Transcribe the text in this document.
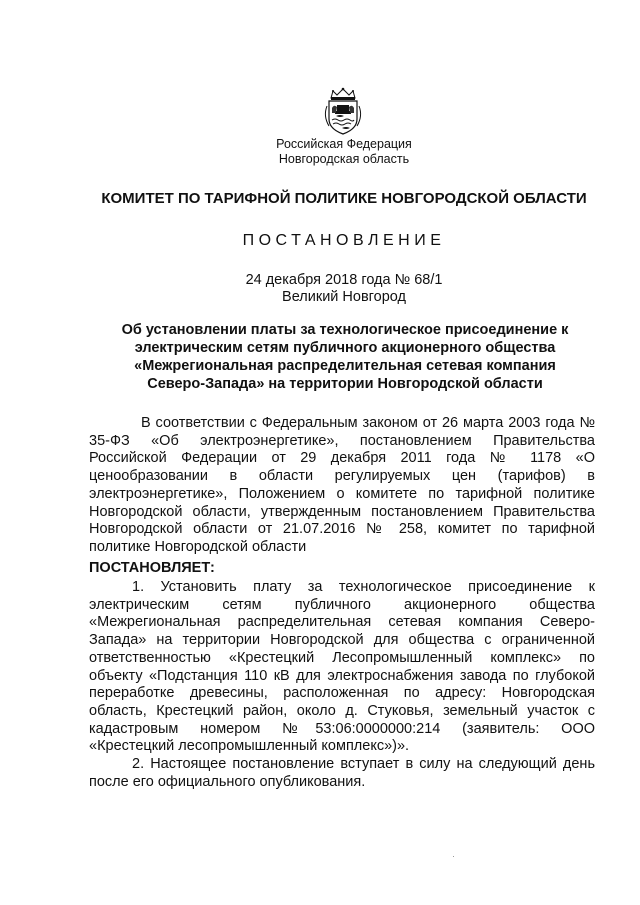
Российская Федерация
Новгородская область
КОМИТЕТ ПО ТАРИФНОЙ ПОЛИТИКЕ НОВГОРОДСКОЙ ОБЛАСТИ
ПОСТАНОВЛЕНИЕ
24 декабря 2018 года № 68/1
Великий Новгород
Об установлении платы за технологическое присоединение к
электрическим сетям публичного акционерного общества
«Межрегиональная распределительная сетевая компания
Северо-Запада» на территории Новгородской области
В соответствии с Федеральным законом от 26 марта 2003 года № 35-ФЗ «Об электроэнергетике», постановлением Правительства Российской Федерации от 29 декабря 2011 года № 1178 «О ценообразовании в области регулируемых цен (тарифов) в электроэнергетике», Положением о комитете по тарифной политике Новгородской области, утвержденным постановлением Правительства Новгородской области от 21.07.2016 № 258, комитет по тарифной политике Новгородской области
ПОСТАНОВЛЯЕТ:
1. Установить плату за технологическое присоединение к электрическим сетям публичного акционерного общества «Межрегиональная распределительная сетевая компания Северо-Запада» на территории Новгородской для общества с ограниченной ответственностью «Крестецкий Лесопромышленный комплекс» по объекту «Подстанция 110 кВ для электроснабжения завода по глубокой переработке древесины, расположенная по адресу: Новгородская область, Крестецкий район, около д. Стуковья, земельный участок с кадастровым номером №53:06:0000000:214 (заявитель: ООО «Крестецкий лесопромышленный комплекс»)».
2. Настоящее постановление вступает в силу на следующий день после его официального опубликования.
